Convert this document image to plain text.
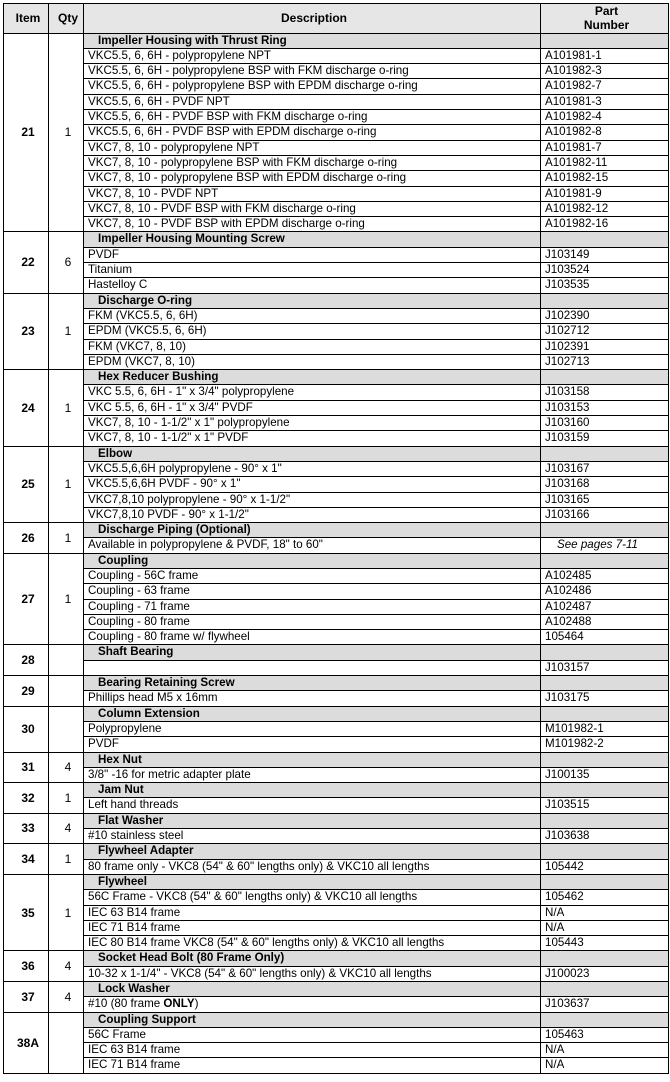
Item	Qty	Description	Part
Number
21	1	Impeller Housing with Thrust Ring	
		VKC5.5, 6, 6H - polypropylene NPT	A101981-1
		VKC5.5, 6, 6H - polypropylene BSP with FKM discharge o-ring	A101982-3
		VKC5.5, 6, 6H - polypropylene BSP with EPDM discharge o-ring	A101982-7
		VKC5.5, 6, 6H - PVDF NPT	A101981-3
		VKC5.5, 6, 6H - PVDF BSP with FKM discharge o-ring	A101982-4
		VKC5.5, 6, 6H - PVDF BSP with EPDM discharge o-ring	A101982-8
		VKC7, 8, 10 - polypropylene NPT	A101981-7
		VKC7, 8, 10 - polypropylene BSP with FKM discharge o-ring	A101982-11
		VKC7, 8, 10 - polypropylene BSP with EPDM discharge o-ring	A101982-15
		VKC7, 8, 10 - PVDF NPT	A101981-9
		VKC7, 8, 10 - PVDF BSP with FKM discharge o-ring	A101982-12
		VKC7, 8, 10 - PVDF BSP with EPDM discharge o-ring	A101982-16
22	6	Impeller Housing Mounting Screw	
		PVDF	J103149
		Titanium	J103524
		Hastelloy C	J103535
23	1	Discharge O-ring	
		FKM (VKC5.5, 6, 6H)	J102390
		EPDM (VKC5.5, 6, 6H)	J102712
		FKM (VKC7, 8, 10)	J102391
		EPDM (VKC7, 8, 10)	J102713
24	1	Hex Reducer Bushing	
		VKC 5.5, 6, 6H - 1" x 3/4" polypropylene	J103158
		VKC 5.5, 6, 6H - 1" x 3/4" PVDF	J103153
		VKC7, 8, 10 - 1-1/2" x 1" polypropylene	J103160
		VKC7, 8, 10 - 1-1/2" x 1" PVDF	J103159
25	1	Elbow	
		VKC5.5,6,6H polypropylene - 90° x 1"	J103167
		VKC5.5,6,6H PVDF - 90° x 1"	J103168
		VKC7,8,10 polypropylene - 90° x 1-1/2"	J103165
		VKC7,8,10 PVDF - 90° x 1-1/2"	J103166
26	1	Discharge Piping (Optional)	
		Available in polypropylene & PVDF, 18" to 60"	See pages 7-11
27	1	Coupling	
		Coupling - 56C frame	A102485
		Coupling - 63 frame	A102486
		Coupling - 71 frame	A102487
		Coupling - 80 frame	A102488
		Coupling - 80 frame w/ flywheel	105464
28		Shaft Bearing	
			J103157
29		Bearing Retaining Screw	
		Phillips head M5 x 16mm	J103175
30		Column Extension	
		Polypropylene	M101982-1
		PVDF	M101982-2
31	4	Hex Nut	
		3/8" -16 for metric adapter plate	J100135
32	1	Jam Nut	
		Left hand threads	J103515
33	4	Flat Washer	
		#10 stainless steel	J103638
34	1	Flywheel Adapter	
		80 frame only - VKC8 (54" & 60" lengths only) & VKC10 all lengths	105442
35	1	Flywheel	
		56C Frame - VKC8 (54" & 60" lengths only) & VKC10 all lengths	105462
		IEC 63 B14 frame	N/A
		IEC 71 B14 frame	N/A
		IEC 80 B14 frame VKC8 (54" & 60" lengths only) & VKC10 all lengths	105443
36	4	Socket Head Bolt (80 Frame Only)	
		10-32 x 1-1/4" - VKC8 (54" & 60" lengths only) & VKC10 all lengths	J100023
37	4	Lock Washer	
		#10 (80 frame ONLY)	J103637
38A		Coupling Support	
		56C Frame	105463
		IEC 63 B14 frame	N/A
		IEC 71 B14 frame	N/A
